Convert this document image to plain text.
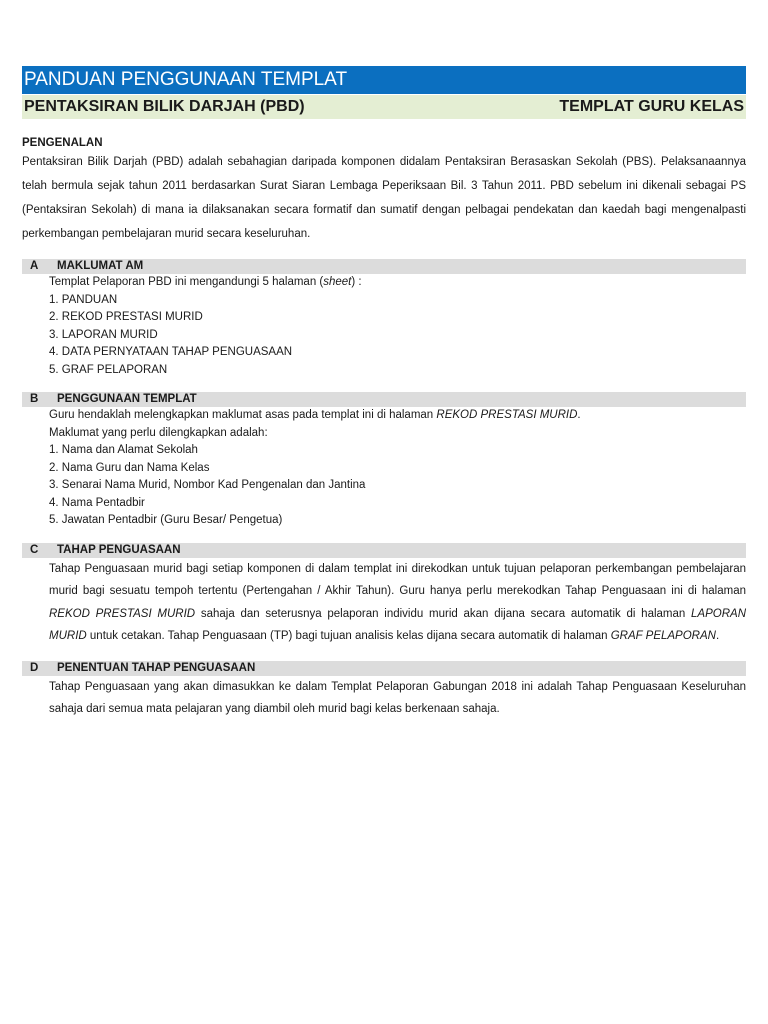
PANDUAN PENGGUNAAN TEMPLAT
PENTAKSIRAN BILIK DARJAH (PBD)	TEMPLAT GURU KELAS
PENGENALAN

Pentaksiran Bilik Darjah (PBD) adalah sebahagian daripada komponen didalam Pentaksiran Berasaskan Sekolah (PBS). Pelaksanaannya telah bermula sejak tahun 2011 berdasarkan Surat Siaran Lembaga Peperiksaan Bil. 3 Tahun 2011. PBD sebelum ini dikenali sebagai PS (Pentaksiran Sekolah) di mana ia dilaksanakan secara formatif dan sumatif dengan pelbagai pendekatan dan kaedah bagi mengenalpasti perkembangan pembelajaran murid secara keseluruhan.

A	MAKLUMAT AM
Templat Pelaporan PBD ini mengandungi 5 halaman (sheet) :
1. PANDUAN
2. REKOD PRESTASI MURID
3. LAPORAN MURID
4. DATA PERNYATAAN TAHAP PENGUASAAN
5. GRAF PELAPORAN
B	PENGGUNAAN TEMPLAT
Guru hendaklah melengkapkan maklumat asas pada templat ini di halaman REKOD PRESTASI MURID.
Maklumat yang perlu dilengkapkan adalah:
1. Nama dan Alamat Sekolah
2. Nama Guru dan Nama Kelas
3. Senarai Nama Murid, Nombor Kad Pengenalan dan Jantina
4. Nama Pentadbir
5. Jawatan Pentadbir (Guru Besar/ Pengetua)
C	TAHAP PENGUASAAN

Tahap Penguasaan murid bagi setiap komponen di dalam templat ini direkodkan untuk tujuan pelaporan perkembangan pembelajaran murid bagi sesuatu tempoh tertentu (Pertengahan / Akhir Tahun). Guru hanya perlu merekodkan Tahap Penguasaan ini di halaman REKOD PRESTASI MURID sahaja dan seterusnya pelaporan individu murid akan dijana secara automatik di halaman LAPORAN MURID untuk cetakan. Tahap Penguasaan (TP) bagi tujuan analisis kelas dijana secara automatik di halaman GRAF PELAPORAN.

D	PENENTUAN TAHAP PENGUASAAN

Tahap Penguasaan yang akan dimasukkan ke dalam Templat Pelaporan Gabungan 2018 ini adalah Tahap Penguasaan Keseluruhan sahaja dari semua mata pelajaran yang diambil oleh murid bagi kelas berkenaan sahaja.
